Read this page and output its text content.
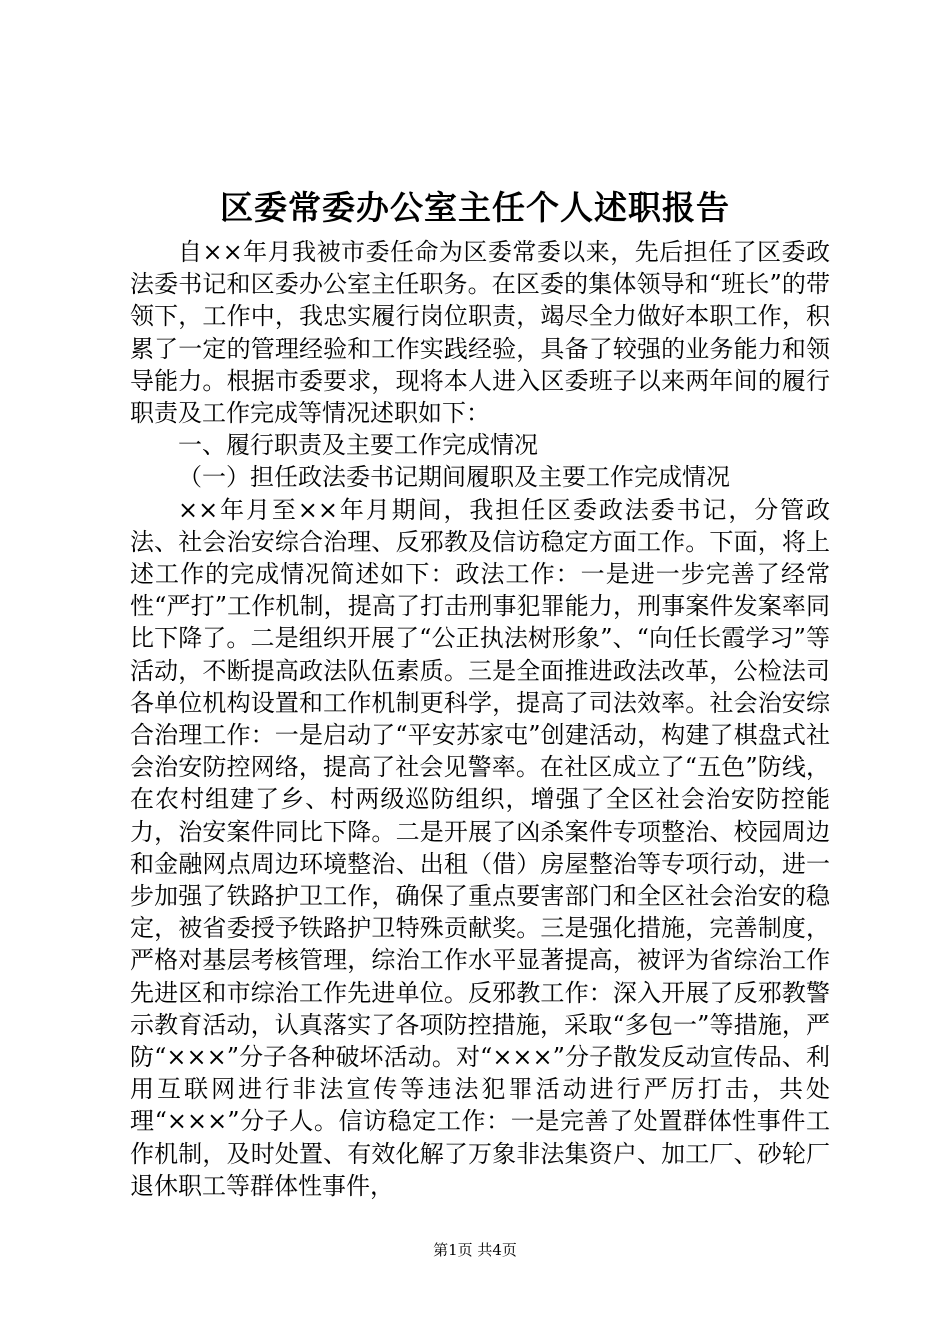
区委常委办公室主任个人述职报告

自××年月我被市委任命为区委常委以来，先后担任了区委政法委书记和区委办公室主任职务。在区委的集体领导和“班长”的带领下，工作中，我忠实履行岗位职责，竭尽全力做好本职工作，积累了一定的管理经验和工作实践经验，具备了较强的业务能力和领导能力。根据市委要求，现将本人进入区委班子以来两年间的履行职责及工作完成等情况述职如下：

一、履行职责及主要工作完成情况

（一）担任政法委书记期间履职及主要工作完成情况

××年月至××年月期间，我担任区委政法委书记，分管政法、社会治安综合治理、反邪教及信访稳定方面工作。下面，将上述工作的完成情况简述如下：政法工作：一是进一步完善了经常性“严打”工作机制，提高了打击刑事犯罪能力，刑事案件发案率同比下降了。二是组织开展了“公正执法树形象”、“向任长霞学习”等活动，不断提高政法队伍素质。三是全面推进政法改革，公检法司各单位机构设置和工作机制更科学，提高了司法效率。社会治安综合治理工作：一是启动了“平安苏家屯”创建活动，构建了棋盘式社会治安防控网络，提高了社会见警率。在社区成立了“五色”防线，在农村组建了乡、村两级巡防组织，增强了全区社会治安防控能力，治安案件同比下降。二是开展了凶杀案件专项整治、校园周边和金融网点周边环境整治、出租（借）房屋整治等专项行动，进一步加强了铁路护卫工作，确保了重点要害部门和全区社会治安的稳定，被省委授予铁路护卫特殊贡献奖。三是强化措施，完善制度，严格对基层考核管理，综治工作水平显著提高，被评为省综治工作先进区和市综治工作先进单位。反邪教工作：深入开展了反邪教警示教育活动，认真落实了各项防控措施，采取“多包一”等措施，严防“×××”分子各种破坏活动。对“×××”分子散发反动宣传品、利用互联网进行非法宣传等违法犯罪活动进行严厉打击，共处理“×××”分子人。信访稳定工作：一是完善了处置群体性事件工作机制，及时处置、有效化解了万象非法集资户、加工厂、砂轮厂退休职工等群体性事件，

第1页 共4页
